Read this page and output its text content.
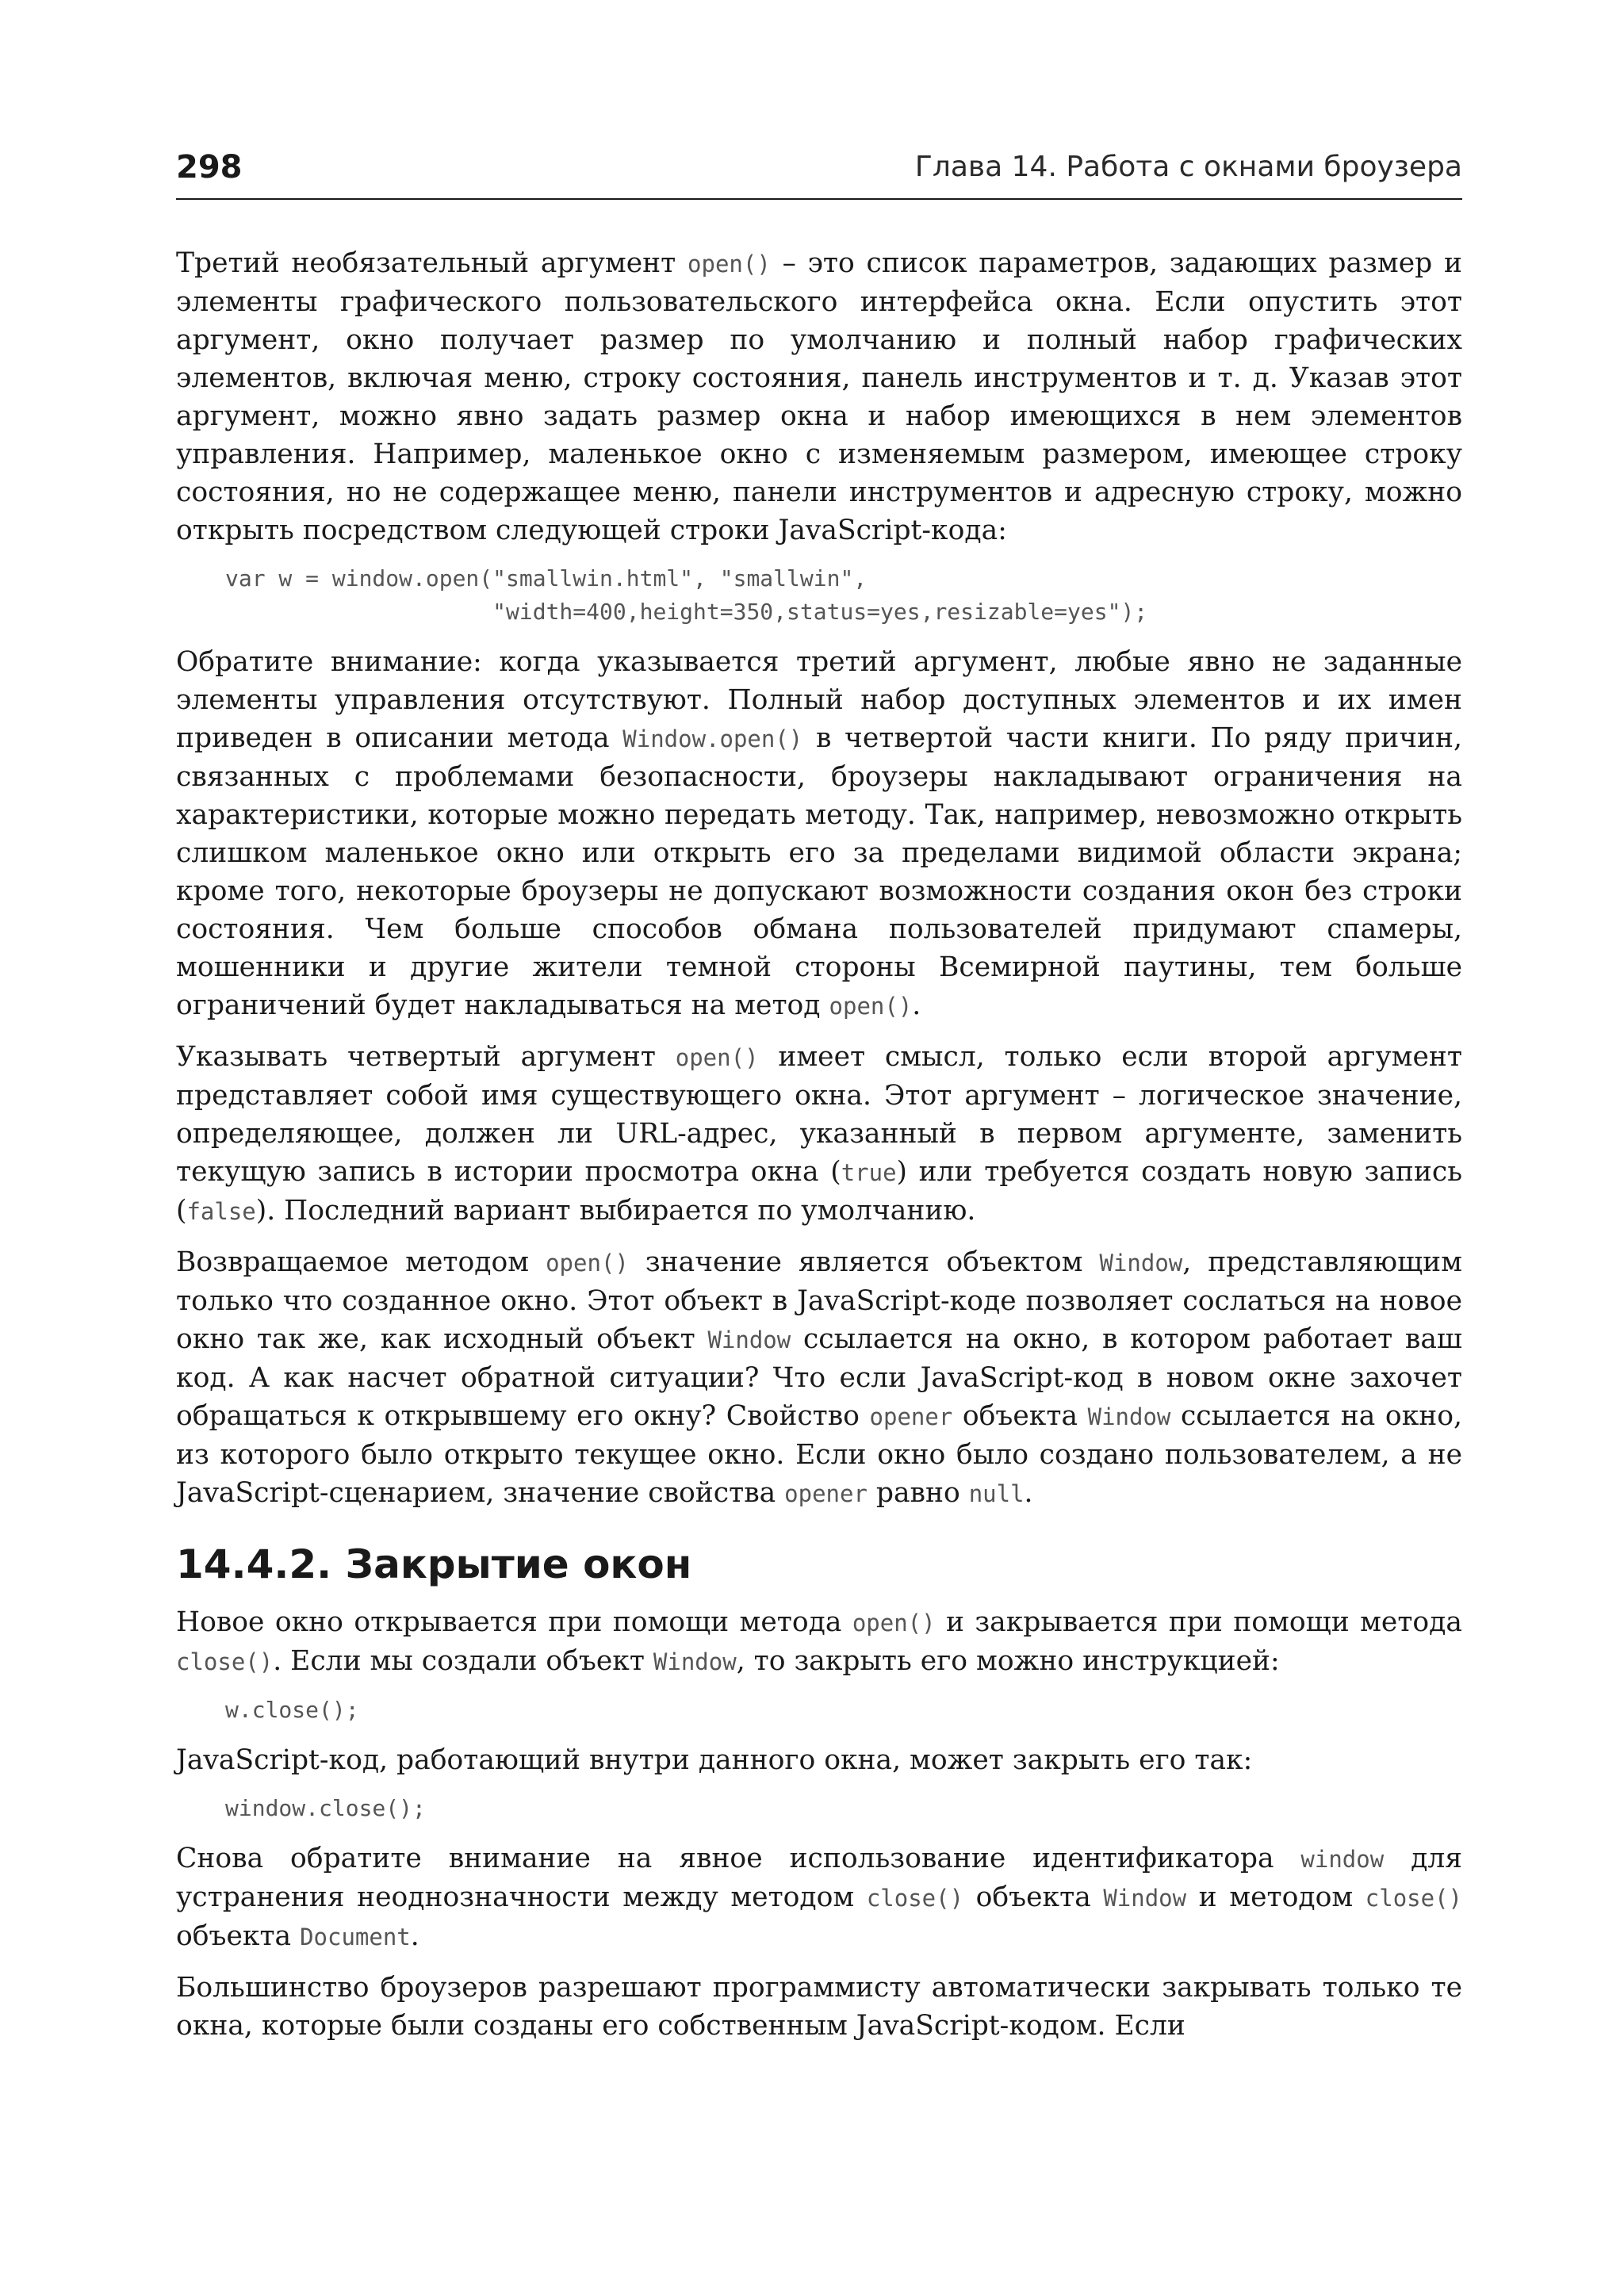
298	Глава 14. Работа с окнами броузера

Третий необязательный аргумент open() – это список параметров, задающих размер и элементы графического пользовательского интерфейса окна. Если опустить этот аргумент, окно получает размер по умолчанию и полный набор графических элементов, включая меню, строку состояния, панель инструментов и т. д. Указав этот аргумент, можно явно задать размер окна и набор имеющихся в нем элементов управления. Например, маленькое окно с изменяемым размером, имеющее строку состояния, но не содержащее меню, панели инструментов и адресную строку, можно открыть посредством следующей строки JavaScript-кода:

var w = window.open("smallwin.html", "smallwin",
"width=400,height=350,status=yes,resizable=yes");

Обратите внимание: когда указывается третий аргумент, любые явно не заданные элементы управления отсутствуют. Полный набор доступных элементов и их имен приведен в описании метода Window.open() в четвертой части книги. По ряду причин, связанных с проблемами безопасности, броузеры накладывают ограничения на характеристики, которые можно передать методу. Так, например, невозможно открыть слишком маленькое окно или открыть его за пределами видимой области экрана; кроме того, некоторые броузеры не допускают возможности создания окон без строки состояния. Чем больше способов обмана пользователей придумают спамеры, мошенники и другие жители темной стороны Всемирной паутины, тем больше ограничений будет накладываться на метод open().

Указывать четвертый аргумент open() имеет смысл, только если второй аргумент представляет собой имя существующего окна. Этот аргумент – логическое значение, определяющее, должен ли URL-адрес, указанный в первом аргументе, заменить текущую запись в истории просмотра окна (true) или требуется создать новую запись (false). Последний вариант выбирается по умолчанию.

Возвращаемое методом open() значение является объектом Window, представляющим только что созданное окно. Этот объект в JavaScript-коде позволяет сослаться на новое окно так же, как исходный объект Window ссылается на окно, в котором работает ваш код. А как насчет обратной ситуации? Что если JavaScript-код в новом окне захочет обращаться к открывшему его окну? Свойство opener объекта Window ссылается на окно, из которого было открыто текущее окно. Если окно было создано пользователем, а не JavaScript-сценарием, значение свойства opener равно null.

14.4.2. Закрытие окон

Новое окно открывается при помощи метода open() и закрывается при помощи метода close(). Если мы создали объект Window, то закрыть его можно инструкцией:

w.close();

JavaScript-код, работающий внутри данного окна, может закрыть его так:

window.close();

Снова обратите внимание на явное использование идентификатора window для устранения неоднозначности между методом close() объекта Window и методом close() объекта Document.

Большинство броузеров разрешают программисту автоматически закрывать только те окна, которые были созданы его собственным JavaScript-кодом. Если
